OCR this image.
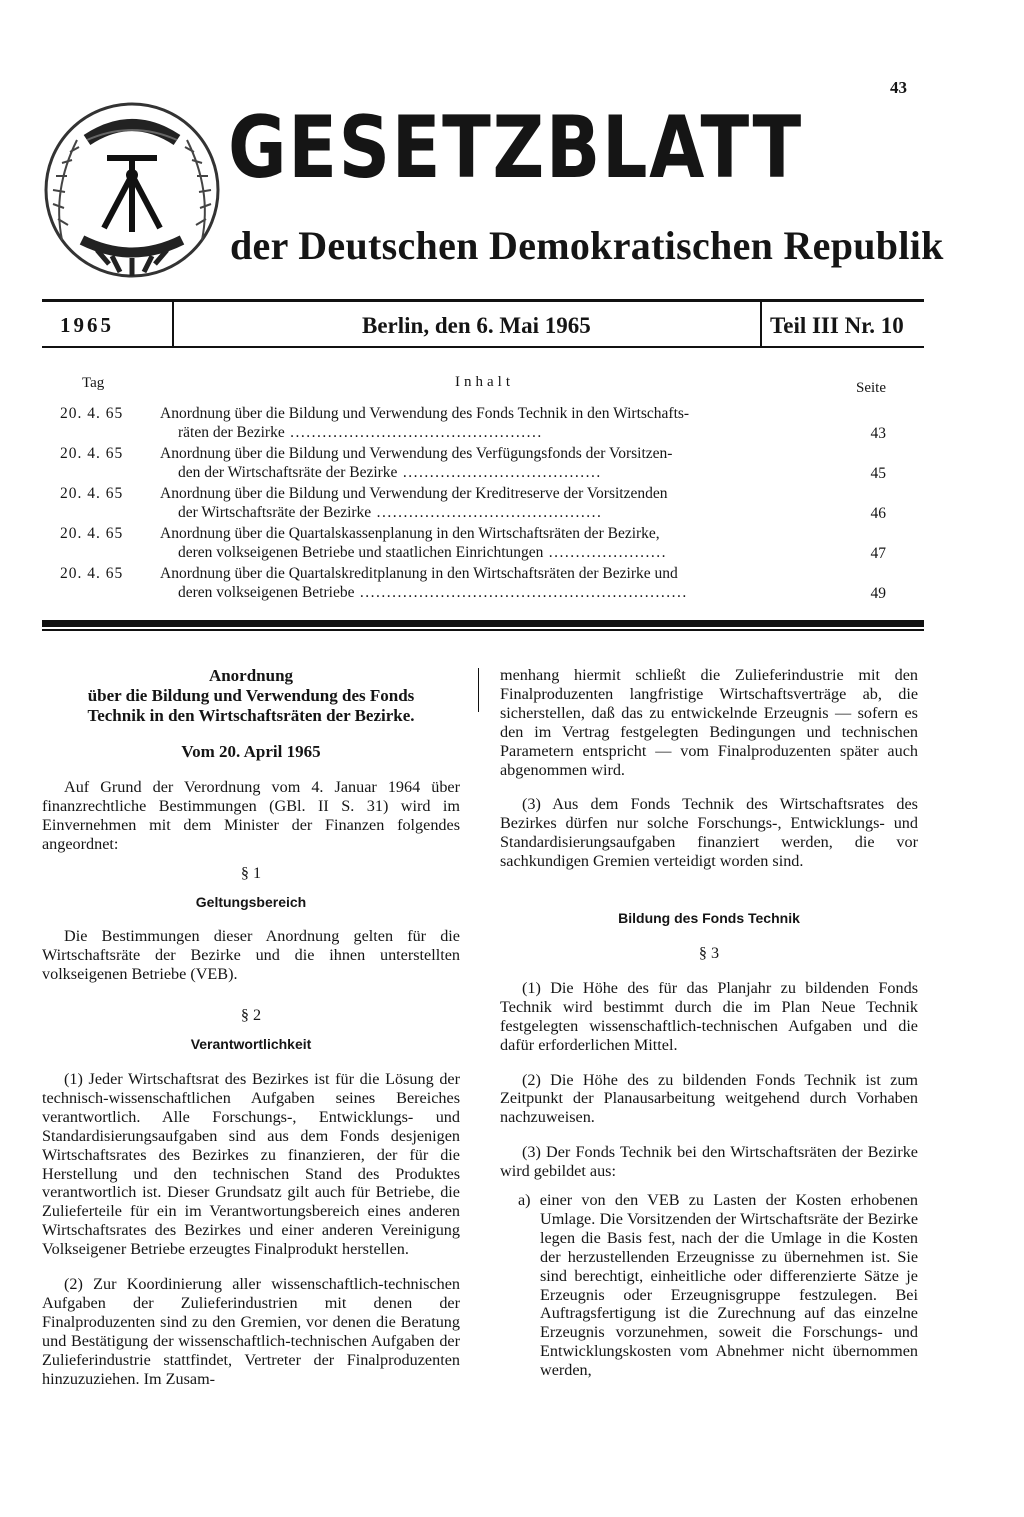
43
GESETZBLATT
der Deutschen Demokratischen Republik
1965	Berlin, den 6. Mai 1965	Teil III Nr. 10
Tag	Inhalt	Seite
20. 4. 65	Anordnung über die Bildung und Verwendung des Fonds Technik in den Wirtschafts-
räten der Bezirke ...............................................	43
20. 4. 65	Anordnung über die Bildung und Verwendung des Verfügungsfonds der Vorsitzen-
den der Wirtschaftsräte der Bezirke .....................................	45
20. 4. 65	Anordnung über die Bildung und Verwendung der Kreditreserve der Vorsitzenden
der Wirtschaftsräte der Bezirke ..........................................	46
20. 4. 65	Anordnung über die Quartalskassenplanung in den Wirtschaftsräten der Bezirke,
deren volkseigenen Betriebe und staatlichen Einrichtungen ......................	47
20. 4. 65	Anordnung über die Quartalskreditplanung in den Wirtschaftsräten der Bezirke und
deren volkseigenen Betriebe .............................................................	49
Anordnung
über die Bildung und Verwendung des Fonds
Technik in den Wirtschaftsräten der Bezirke.
Vom 20. April 1965

Auf Grund der Verordnung vom 4. Januar 1964 über finanzrechtliche Bestimmungen (GBl. II S. 31) wird im Einvernehmen mit dem Minister der Finanzen folgendes angeordnet:

§ 1
Geltungsbereich

Die Bestimmungen dieser Anordnung gelten für die Wirtschaftsräte der Bezirke und die ihnen unterstellten volkseigenen Betriebe (VEB).

§ 2
Verantwortlichkeit

(1) Jeder Wirtschaftsrat des Bezirkes ist für die Lösung der technisch-wissenschaftlichen Aufgaben seines Bereiches verantwortlich. Alle Forschungs-, Entwicklungs- und Standardisierungsaufgaben sind aus dem Fonds desjenigen Wirtschaftsrates des Bezirkes zu finanzieren, der für die Herstellung und den technischen Stand des Produktes verantwortlich ist. Dieser Grundsatz gilt auch für Betriebe, die Zulieferteile für ein im Verantwortungsbereich eines anderen Wirtschaftsrates des Bezirkes und einer anderen Vereinigung Volkseigener Betriebe erzeugtes Finalprodukt herstellen.

(2) Zur Koordinierung aller wissenschaftlich-technischen Aufgaben der Zulieferindustrien mit denen der Finalproduzenten sind zu den Gremien, vor denen die Beratung und Bestätigung der wissenschaftlich-technischen Aufgaben der Zulieferindustrie stattfindet, Vertreter der Finalproduzenten hinzuzuziehen. Im Zusam-

menhang hiermit schließt die Zulieferindustrie mit den Finalproduzenten langfristige Wirtschaftsverträge ab, die sicherstellen, daß das zu entwickelnde Erzeugnis — sofern es den im Vertrag festgelegten Bedingungen und technischen Parametern entspricht — vom Finalproduzenten später auch abgenommen wird.

(3) Aus dem Fonds Technik des Wirtschaftsrates des Bezirkes dürfen nur solche Forschungs-, Entwicklungs- und Standardisierungsaufgaben finanziert werden, die vor sachkundigen Gremien verteidigt worden sind.

Bildung des Fonds Technik
§ 3

(1) Die Höhe des für das Planjahr zu bildenden Fonds Technik wird bestimmt durch die im Plan Neue Technik festgelegten wissenschaftlich-technischen Aufgaben und die dafür erforderlichen Mittel.

(2) Die Höhe des zu bildenden Fonds Technik ist zum Zeitpunkt der Planausarbeitung weitgehend durch Vorhaben nachzuweisen.

(3) Der Fonds Technik bei den Wirtschaftsräten der Bezirke wird gebildet aus:

a) einer von den VEB zu Lasten der Kosten erhobenen Umlage. Die Vorsitzenden der Wirtschaftsräte der Bezirke legen die Basis fest, nach der die Umlage in die Kosten der herzustellenden Erzeugnisse zu übernehmen ist. Sie sind berechtigt, einheitliche oder differenzierte Sätze je Erzeugnis oder Erzeugnisgruppe festzulegen. Bei Auftragsfertigung ist die Zurechnung auf das einzelne Erzeugnis vorzunehmen, soweit die Forschungs- und Entwicklungskosten vom Abnehmer nicht übernommen werden,
